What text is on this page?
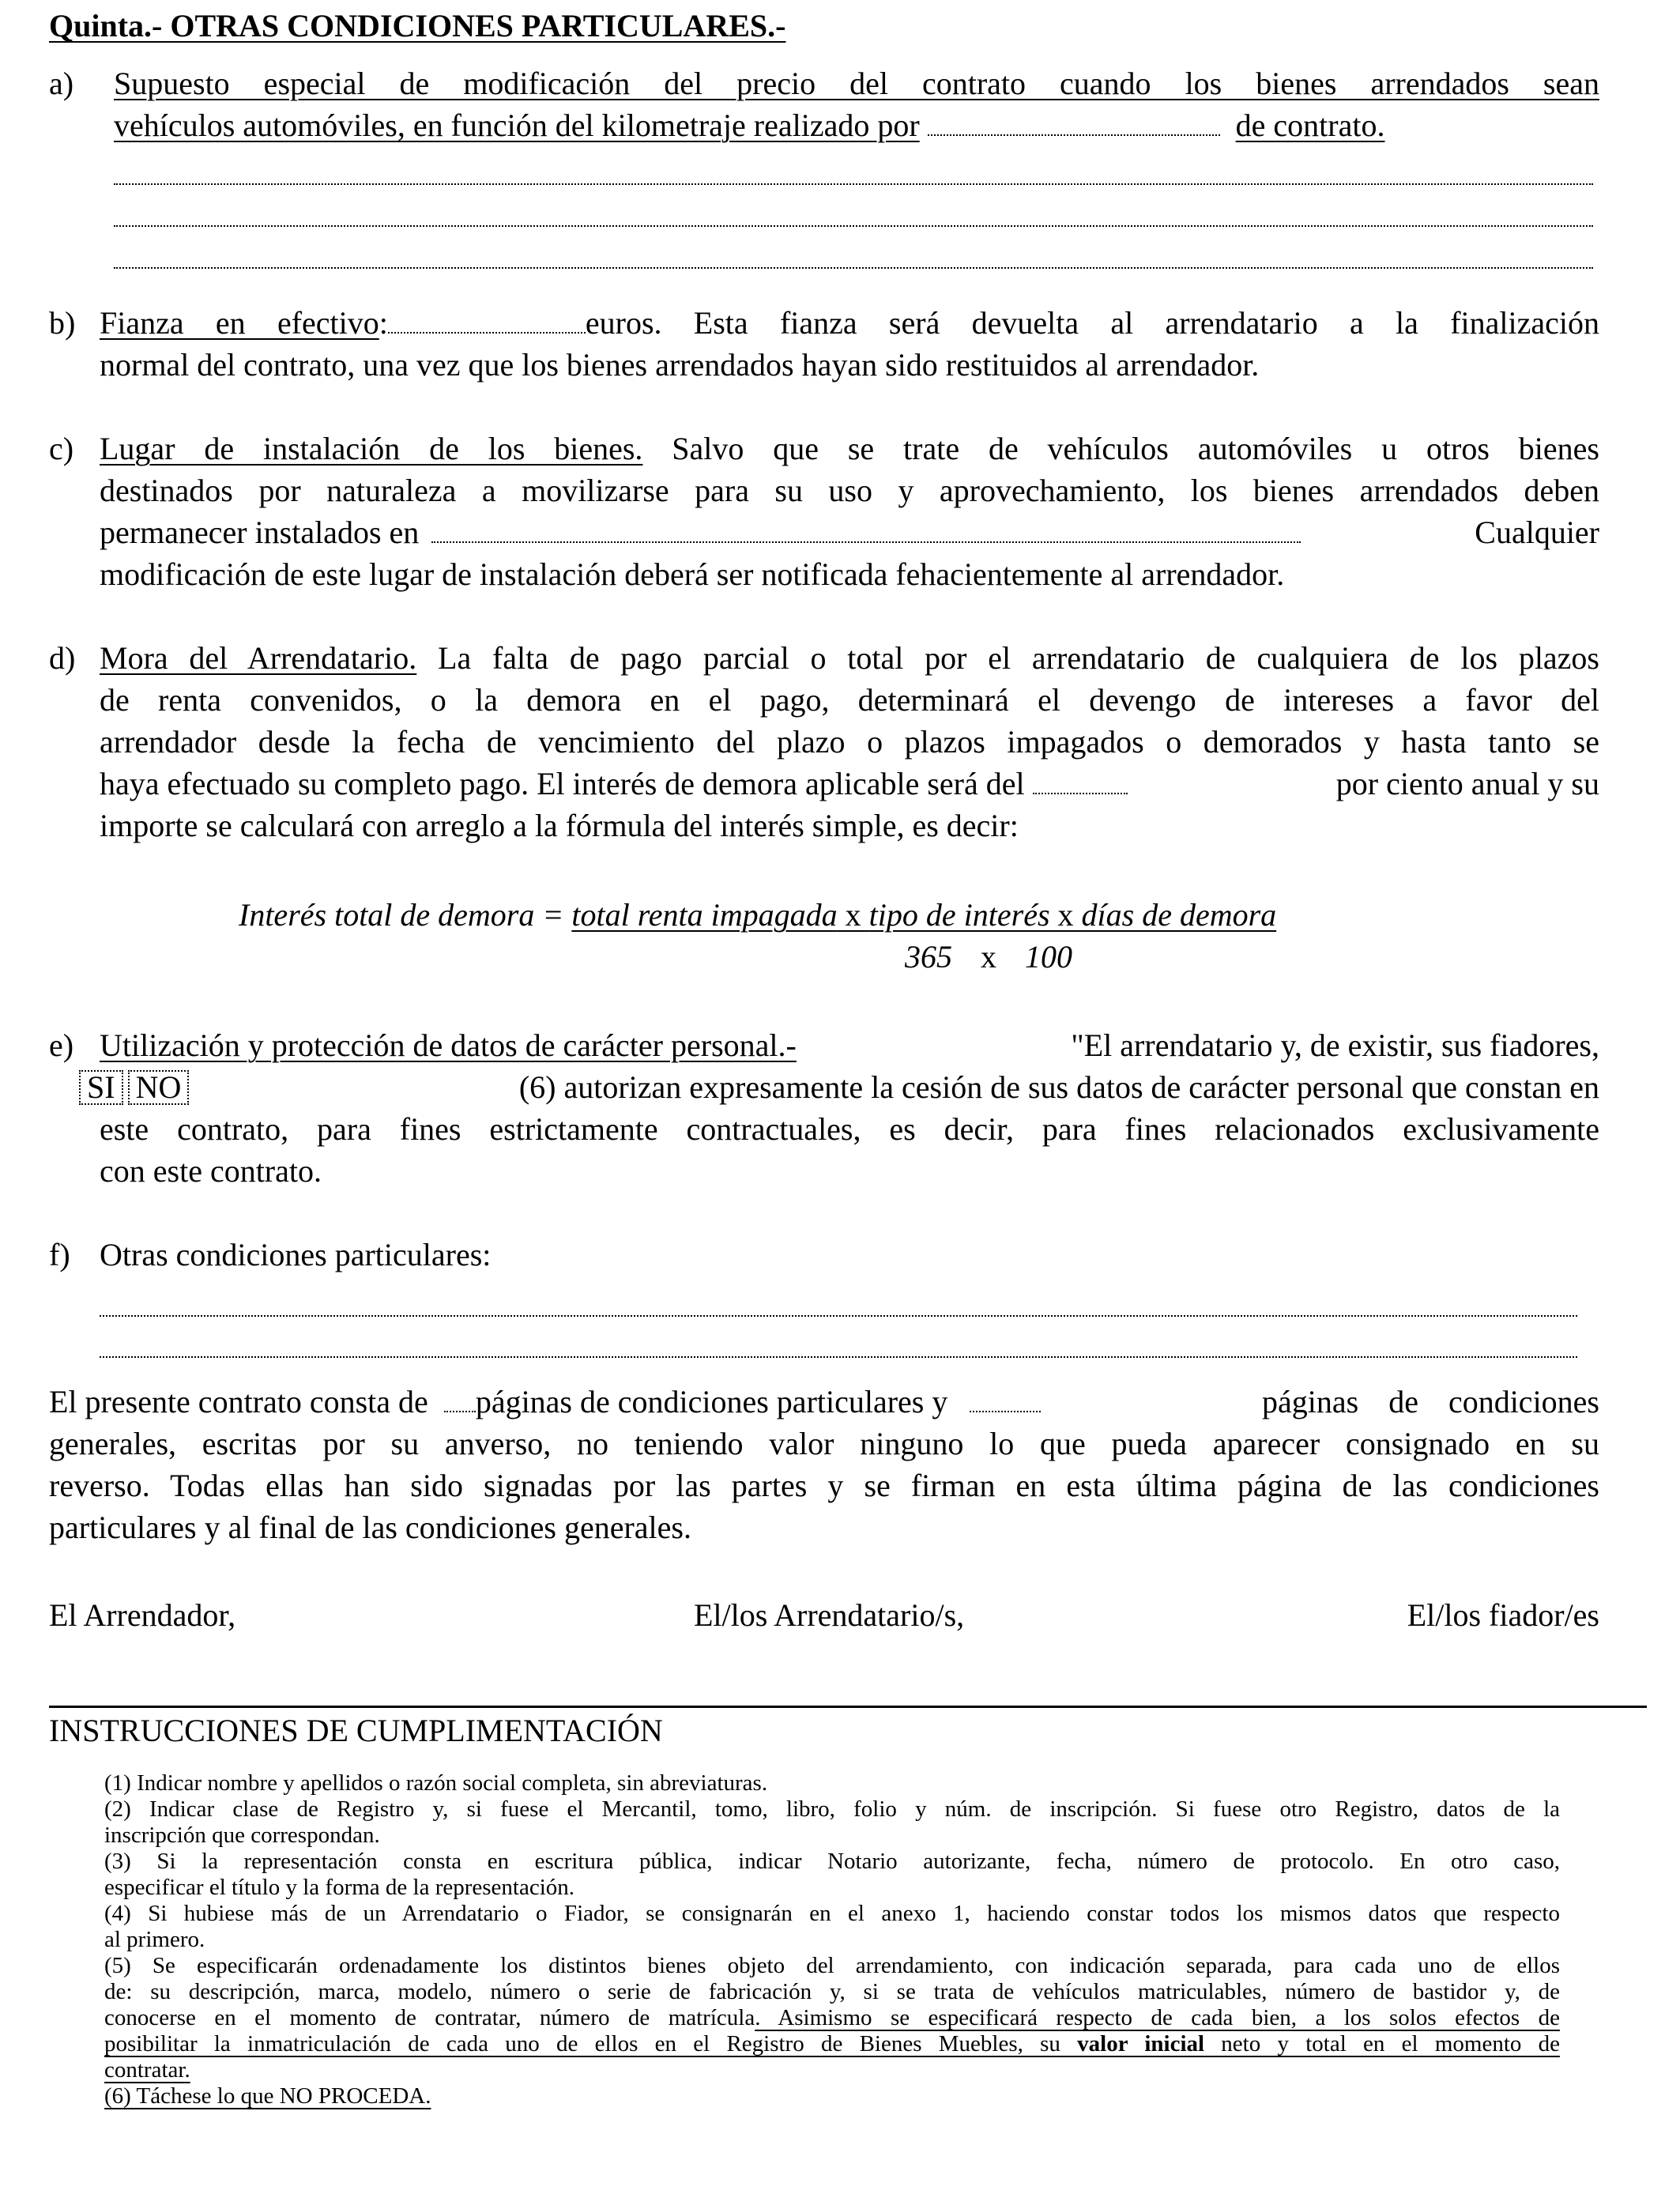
Quinta.- OTRAS CONDICIONES PARTICULARES.-
a) Supuesto especial de modificación del precio del contrato cuando los bienes arrendados sean
vehículos automóviles, en función del kilometraje realizado por	de contrato.
b) Fianza en efectivo:	euros. Esta fianza será devuelta al arrendatario a la finalización
normal del contrato, una vez que los bienes arrendados hayan sido restituidos al arrendador.
c) Lugar de instalación de los bienes. Salvo que se trate de vehículos automóviles u otros bienes
destinados por naturaleza a movilizarse para su uso y aprovechamiento, los bienes arrendados deben
permanecer instalados en	Cualquier
modificación de este lugar de instalación deberá ser notificada fehacientemente al arrendador.
d) Mora del Arrendatario. La falta de pago parcial o total por el arrendatario de cualquiera de los plazos
de renta convenidos, o la demora en el pago, determinará el devengo de intereses a favor del
arrendador desde la fecha de vencimiento del plazo o plazos impagados o demorados y hasta tanto se
haya efectuado su completo pago. El interés de demora aplicable será del	por ciento anual y su
importe se calculará con arreglo a la fórmula del interés simple, es decir:
Interés total de demora = total renta impagada x tipo de interés x días de demora
365 x 100
e) Utilización y protección de datos de carácter personal.-	"El arrendatario y, de existir, sus fiadores,
SI NO	(6) autorizan expresamente la cesión de sus datos de carácter personal que constan en
este contrato, para fines estrictamente contractuales, es decir, para fines relacionados exclusivamente
con este contrato.
f) Otras condiciones particulares:
El presente contrato consta de páginas de condiciones particulares y	páginas de condiciones
generales, escritas por su anverso, no teniendo valor ninguno lo que pueda aparecer consignado en su
reverso. Todas ellas han sido signadas por las partes y se firman en esta última página de las condiciones
particulares y al final de las condiciones generales.
El Arrendador,	El/los Arrendatario/s,	El/los fiador/es
INSTRUCCIONES DE CUMPLIMENTACIÓN
(1) Indicar nombre y apellidos o razón social completa, sin abreviaturas.
(2) Indicar clase de Registro y, si fuese el Mercantil, tomo, libro, folio y núm. de inscripción. Si fuese otro Registro, datos de la
inscripción que correspondan.
(3) Si la representación consta en escritura pública, indicar Notario autorizante, fecha, número de protocolo. En otro caso,
especificar el título y la forma de la representación.
(4) Si hubiese más de un Arrendatario o Fiador, se consignarán en el anexo 1, haciendo constar todos los mismos datos que respecto
al primero.
(5) Se especificarán ordenadamente los distintos bienes objeto del arrendamiento, con indicación separada, para cada uno de ellos
de: su descripción, marca, modelo, número o serie de fabricación y, si se trata de vehículos matriculables, número de bastidor y, de
conocerse en el momento de contratar, número de matrícula. Asimismo se especificará respecto de cada bien, a los solos efectos de
posibilitar la inmatriculación de cada uno de ellos en el Registro de Bienes Muebles, su valor inicial neto y total en el momento de
contratar.
(6) Táchese lo que NO PROCEDA.
